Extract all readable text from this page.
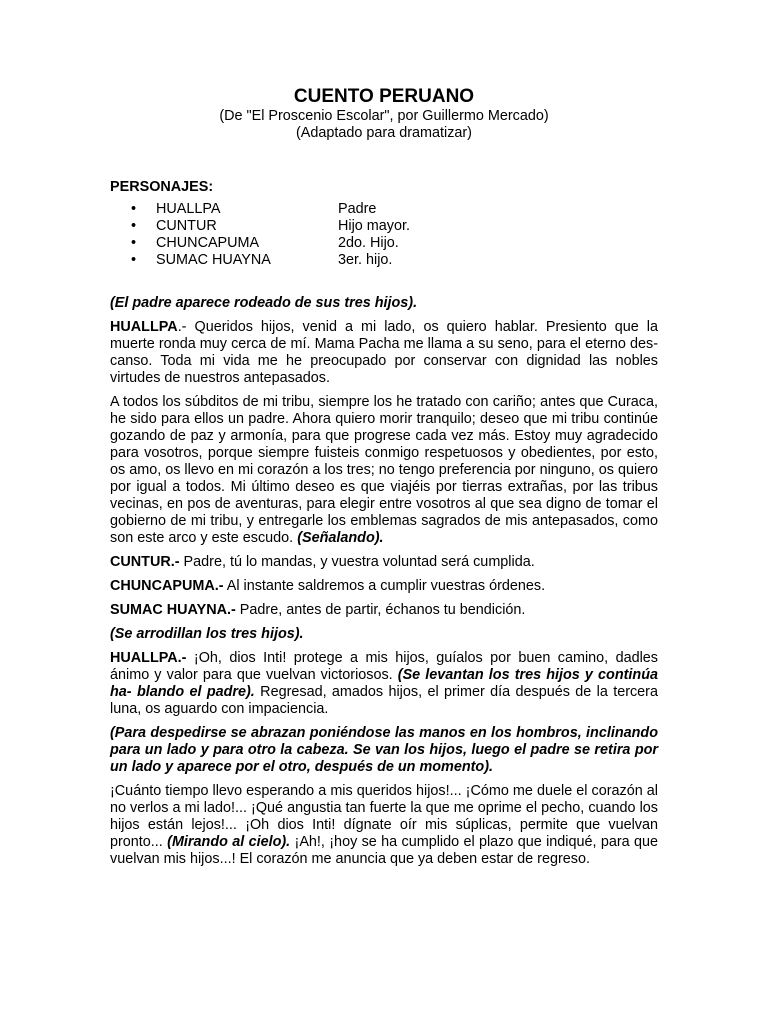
CUENTO PERUANO

(De "El Proscenio Escolar", por Guillermo Mercado)

(Adaptado para dramatizar)

PERSONAJES:
•	HUALLPA	Padre
•	CUNTUR	Hijo mayor.
•	CHUNCAPUMA	2do. Hijo.
•	SUMAC HUAYNA	3er. hijo.

(El padre aparece rodeado de sus tres hijos).

HUALLPA.- Queridos hijos, venid a mi lado, os quiero hablar. Presiento que la muerte ronda muy cerca de mí. Mama Pacha me llama a su seno, para el eterno des- canso. Toda mi vida me he preocupado por conservar con dignidad las nobles virtudes de nuestros antepasados.

A todos los súbditos de mi tribu, siempre los he tratado con cariño; antes que Curaca, he sido para ellos un padre. Ahora quiero morir tranquilo; deseo que mi tribu continúe gozando de paz y armonía, para que progrese cada vez más. Estoy muy agradecido para vosotros, porque siempre fuisteis conmigo respetuosos y obedientes, por esto, os amo, os llevo en mi corazón a los tres; no tengo preferencia por ninguno, os quiero por igual a todos. Mi último deseo es que viajéis por tierras extrañas, por las tribus vecinas, en pos de aventuras, para elegir entre vosotros al que sea digno de tomar el gobierno de mi tribu, y entregarle los emblemas sagrados de mis antepasados, como son este arco y este escudo. (Señalando).

CUNTUR.- Padre, tú lo mandas, y vuestra voluntad será cumplida.

CHUNCAPUMA.- Al instante saldremos a cumplir vuestras órdenes.

SUMAC HUAYNA.- Padre, antes de partir, échanos tu bendición.

(Se arrodillan los tres hijos).

HUALLPA.- ¡Oh, dios Inti! protege a mis hijos, guíalos por buen camino, dadles ánimo y valor para que vuelvan victoriosos. (Se levantan los tres hijos y continúa ha- blando el padre). Regresad, amados hijos, el primer día después de la tercera luna, os aguardo con impaciencia.

(Para despedirse se abrazan poniéndose las manos en los hombros, inclinando para un lado y para otro la cabeza. Se van los hijos, luego el padre se retira por un lado y aparece por el otro, después de un momento).

¡Cuánto tiempo llevo esperando a mis queridos hijos!... ¡Cómo me duele el corazón al no verlos a mi lado!... ¡Qué angustia tan fuerte la que me oprime el pecho, cuando los hijos están lejos!... ¡Oh dios Inti! dígnate oír mis súplicas, permite que vuelvan pronto... (Mirando al cielo). ¡Ah!, ¡hoy se ha cumplido el plazo que indiqué, para que vuelvan mis hijos...! El corazón me anuncia que ya deben estar de regreso.
